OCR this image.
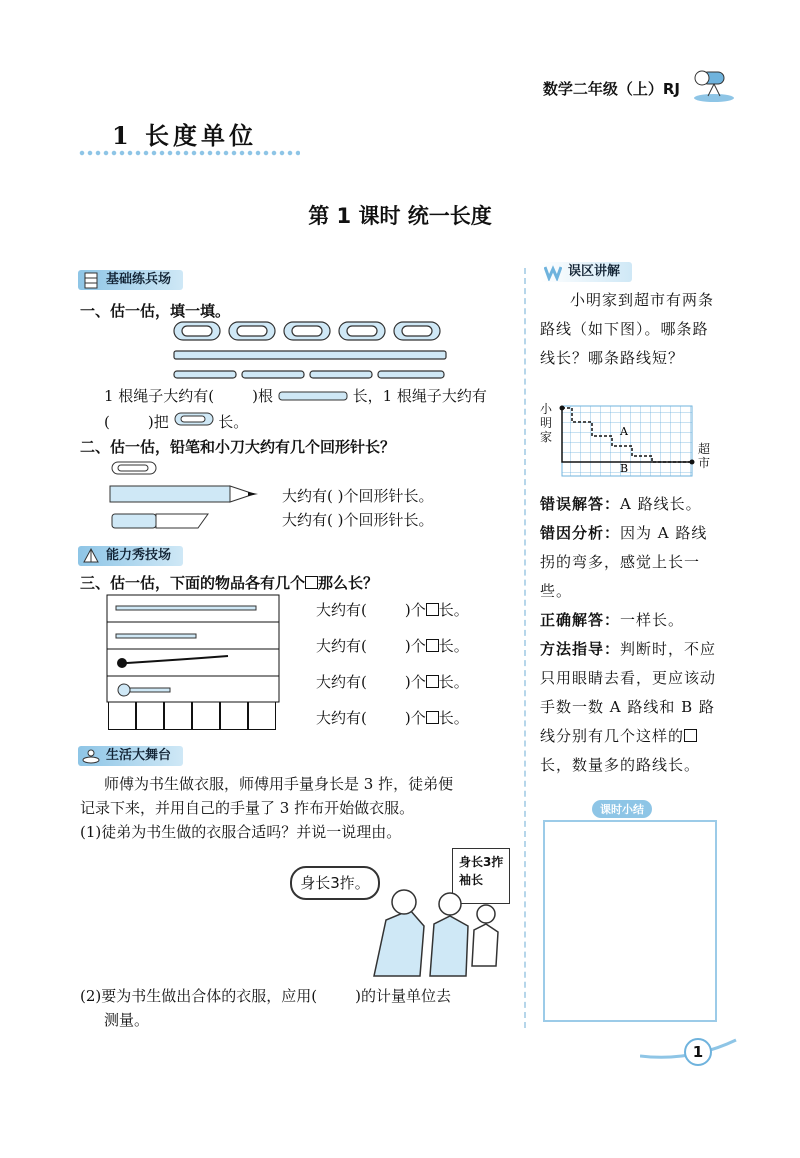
数学二年级（上）RJ
1 长度单位
第 1 课时 统一长度
基础练兵场
一、估一估，填一填。
1 根绳子大约有(	)根	长，1 根绳子大约有
(	)把	长。
二、估一估，铅笔和小刀大约有几个回形针长？
大约有( )个回形针长。
大约有( )个回形针长。
能力秀技场
三、估一估，下面的物品各有几个 那么长？
大约有(	)个 长。
大约有(	)个 长。
大约有(	)个 长。
大约有(	)个 长。
生活大舞台
师傅为书生做衣服，师傅用手量身长是 3 拃，徒弟便
记录下来，并用自己的手量了 3 拃布开始做衣服。
(1)徒弟为书生做的衣服合适吗？并说一说理由。
身长3拃。
身长3拃
袖长
(2)要为书生做出合体的衣服，应用(	)的计量单位去
测量。
误区讲解
小明家到超市有两条路线（如下图）。哪条路线长？哪条路线短？
A
B
小明家
超市
错误解答：A 路线长。
错因分析：因为 A 路线拐的弯多，感觉上长一些。
正确解答：一样长。
方法指导：判断时，不应只用眼睛去看，更应该动手数一数 A 路线和 B 路线分别有几个这样的长，数量多的路线长。
课时小结
1
